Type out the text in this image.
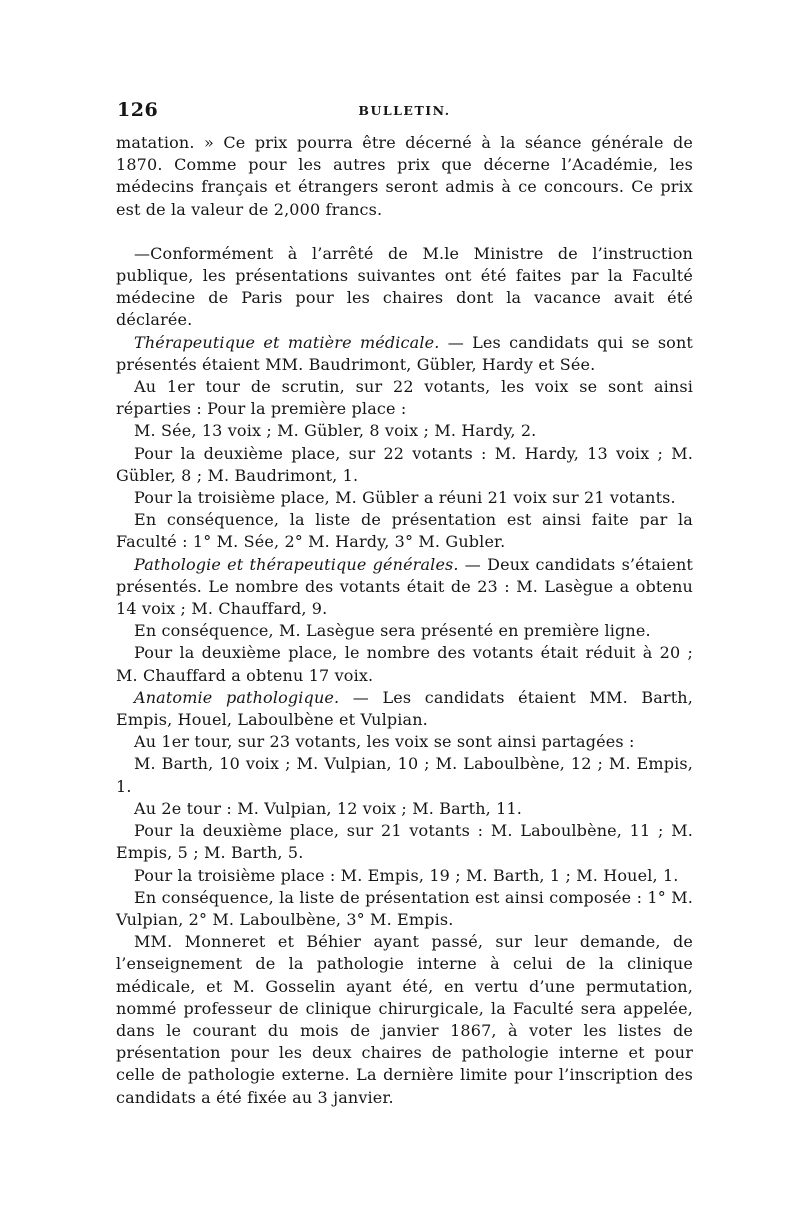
126	BULLETIN.

matation. » Ce prix pourra être décerné à la séance générale de 1870. Comme pour les autres prix que décerne l’Académie, les médecins français et étrangers seront admis à ce concours. Ce prix est de la valeur de 2,000 francs.

—Conformément à l’arrêté de M.le Ministre de l’instruction publique, les présentations suivantes ont été faites par la Faculté médecine de Paris pour les chaires dont la vacance avait été déclarée.

Thérapeutique et matière médicale. — Les candidats qui se sont présentés étaient MM. Baudrimont, Gübler, Hardy et Sée.

Au 1er tour de scrutin, sur 22 votants, les voix se sont ainsi réparties : Pour la première place :

M. Sée, 13 voix ; M. Gübler, 8 voix ; M. Hardy, 2.

Pour la deuxième place, sur 22 votants : M. Hardy, 13 voix ; M. Gübler, 8 ; M. Baudrimont, 1.

Pour la troisième place, M. Gübler a réuni 21 voix sur 21 votants.

En conséquence, la liste de présentation est ainsi faite par la Faculté : 1° M. Sée, 2° M. Hardy, 3° M. Gubler.

Pathologie et thérapeutique générales. — Deux candidats s’étaient présentés. Le nombre des votants était de 23 : M. Lasègue a obtenu 14 voix ; M. Chauffard, 9.

En conséquence, M. Lasègue sera présenté en première ligne.

Pour la deuxième place, le nombre des votants était réduit à 20 ; M. Chauffard a obtenu 17 voix.

Anatomie pathologique. — Les candidats étaient MM. Barth, Empis, Houel, Laboulbène et Vulpian.

Au 1er tour, sur 23 votants, les voix se sont ainsi partagées :

M. Barth, 10 voix ; M. Vulpian, 10 ; M. Laboulbène, 12 ; M. Empis, 1.

Au 2e tour : M. Vulpian, 12 voix ; M. Barth, 11.

Pour la deuxième place, sur 21 votants : M. Laboulbène, 11 ; M. Empis, 5 ; M. Barth, 5.

Pour la troisième place : M. Empis, 19 ; M. Barth, 1 ; M. Houel, 1.

En conséquence, la liste de présentation est ainsi composée : 1° M. Vulpian, 2° M. Laboulbène, 3° M. Empis.

MM. Monneret et Béhier ayant passé, sur leur demande, de l’enseignement de la pathologie interne à celui de la clinique médicale, et M. Gosselin ayant été, en vertu d’une permutation, nommé professeur de clinique chirurgicale, la Faculté sera appelée, dans le courant du mois de janvier 1867, à voter les listes de présentation pour les deux chaires de pathologie interne et pour celle de pathologie externe. La dernière limite pour l’inscription des candidats a été fixée au 3 janvier.
